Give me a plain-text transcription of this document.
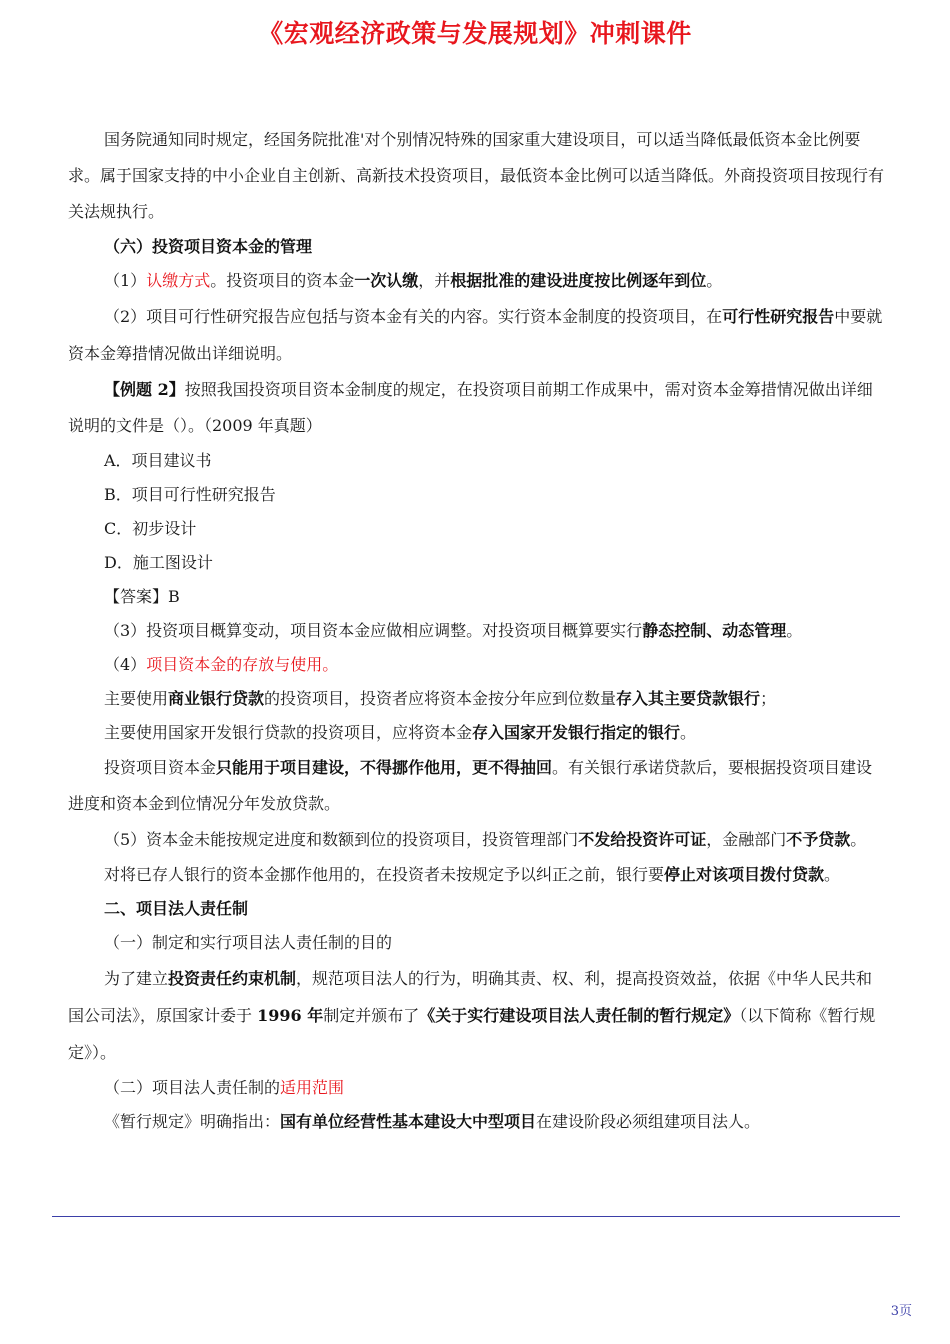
《宏观经济政策与发展规划》冲刺课件

国务院通知同时规定，经国务院批准'对个别情况特殊的国家重大建设项目，可以适当降低最低资本金比例要求。属于国家支持的中小企业自主创新、高新技术投资项目，最低资本金比例可以适当降低。外商投资项目按现行有关法规执行。

（六）投资项目资本金的管理

（1）认缴方式。投资项目的资本金一次认缴，并根据批准的建设进度按比例逐年到位。

（2）项目可行性研究报告应包括与资本金有关的内容。实行资本金制度的投资项目，在可行性研究报告中要就资本金筹措情况做出详细说明。

【例题 2】按照我国投资项目资本金制度的规定，在投资项目前期工作成果中，需对资本金筹措情况做出详细说明的文件是（）。（2009 年真题）

A．项目建议书

B．项目可行性研究报告

C．初步设计

D．施工图设计

【答案】B

（3）投资项目概算变动，项目资本金应做相应调整。对投资项目概算要实行静态控制、动态管理。

（4）项目资本金的存放与使用。

主要使用商业银行贷款的投资项目，投资者应将资本金按分年应到位数量存入其主要贷款银行；

主要使用国家开发银行贷款的投资项目，应将资本金存入国家开发银行指定的银行。

投资项目资本金只能用于项目建设，不得挪作他用，更不得抽回。有关银行承诺贷款后，要根据投资项目建设进度和资本金到位情况分年发放贷款。

（5）资本金未能按规定进度和数额到位的投资项目，投资管理部门不发给投资许可证，金融部门不予贷款。

对将已存人银行的资本金挪作他用的，在投资者未按规定予以纠正之前，银行要停止对该项目拨付贷款。

二、项目法人责任制

（一）制定和实行项目法人责任制的目的

为了建立投资责任约束机制，规范项目法人的行为，明确其责、权、利，提高投资效益，依据《中华人民共和国公司法》，原国家计委于 1996 年制定并颁布了《关于实行建设项目法人责任制的暂行规定》（以下简称《暂行规定》）。

（二）项目法人责任制的适用范围

《暂行规定》明确指出：国有单位经营性基本建设大中型项目在建设阶段必须组建项目法人。

3页
